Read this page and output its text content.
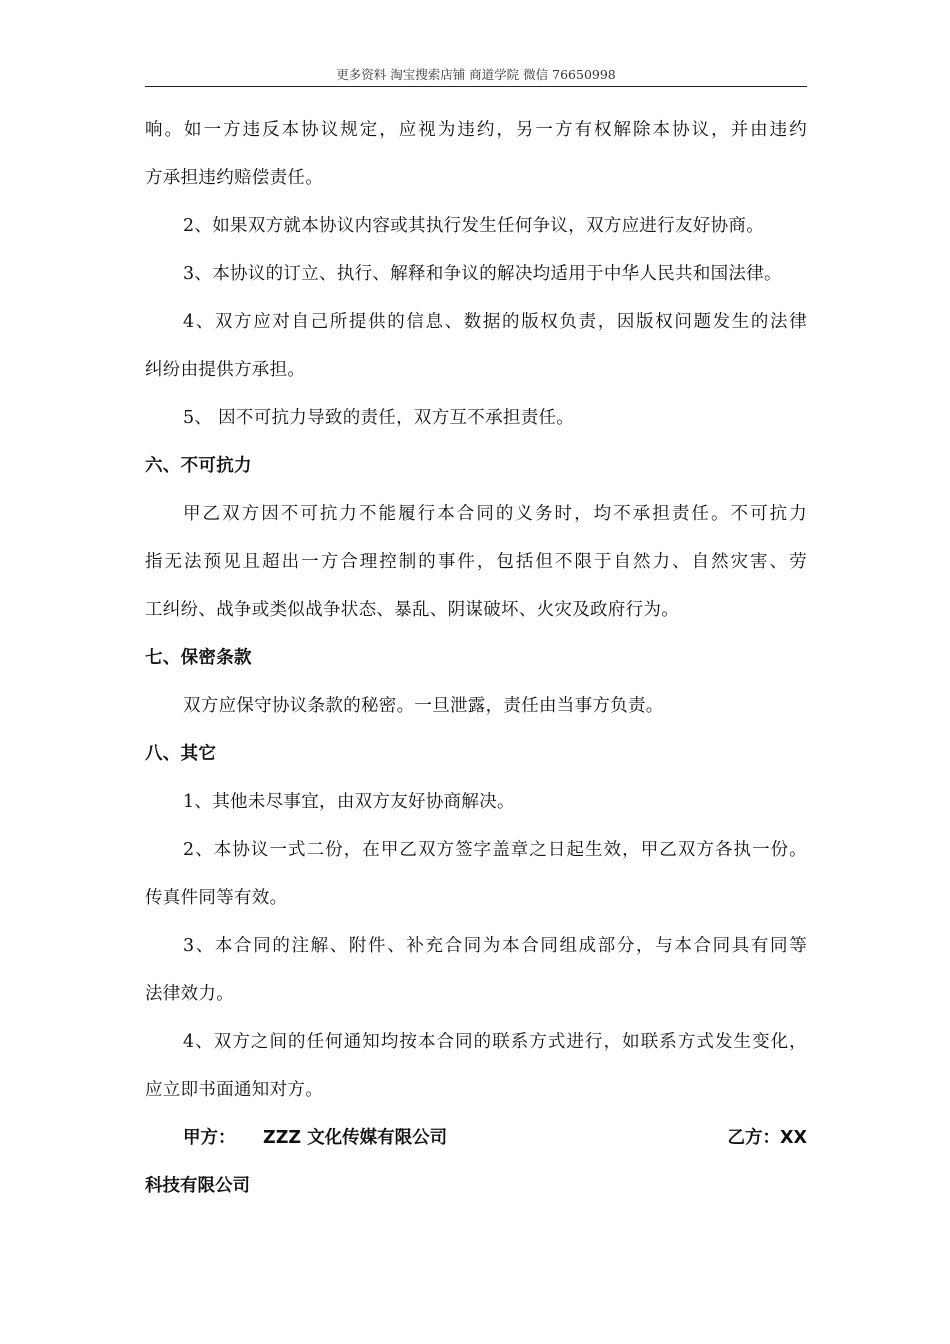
更多资料 淘宝搜索店铺 商道学院 微信 76650998
响。如一方违反本协议规定，应视为违约，另一方有权解除本协议，并由违约
方承担违约赔偿责任。
2、如果双方就本协议内容或其执行发生任何争议，双方应进行友好协商。
3、本协议的订立、执行、解释和争议的解决均适用于中华人民共和国法律。
4、双方应对自己所提供的信息、数据的版权负责，因版权问题发生的法律
纠纷由提供方承担。
5、 因不可抗力导致的责任，双方互不承担责任。
六、不可抗力
甲乙双方因不可抗力不能履行本合同的义务时，均不承担责任。不可抗力
指无法预见且超出一方合理控制的事件，包括但不限于自然力、自然灾害、劳
工纠纷、战争或类似战争状态、暴乱、阴谋破坏、火灾及政府行为。
七、保密条款
双方应保守协议条款的秘密。一旦泄露，责任由当事方负责。
八、其它
1、其他未尽事宜，由双方友好协商解决。
2、本协议一式二份，在甲乙双方签字盖章之日起生效，甲乙双方各执一份。
传真件同等有效。
3、本合同的注解、附件、补充合同为本合同组成部分，与本合同具有同等
法律效力。
4、双方之间的任何通知均按本合同的联系方式进行，如联系方式发生变化，
应立即书面通知对方。
甲方： ZZZ 文化传媒有限公司	乙方：XX
科技有限公司
